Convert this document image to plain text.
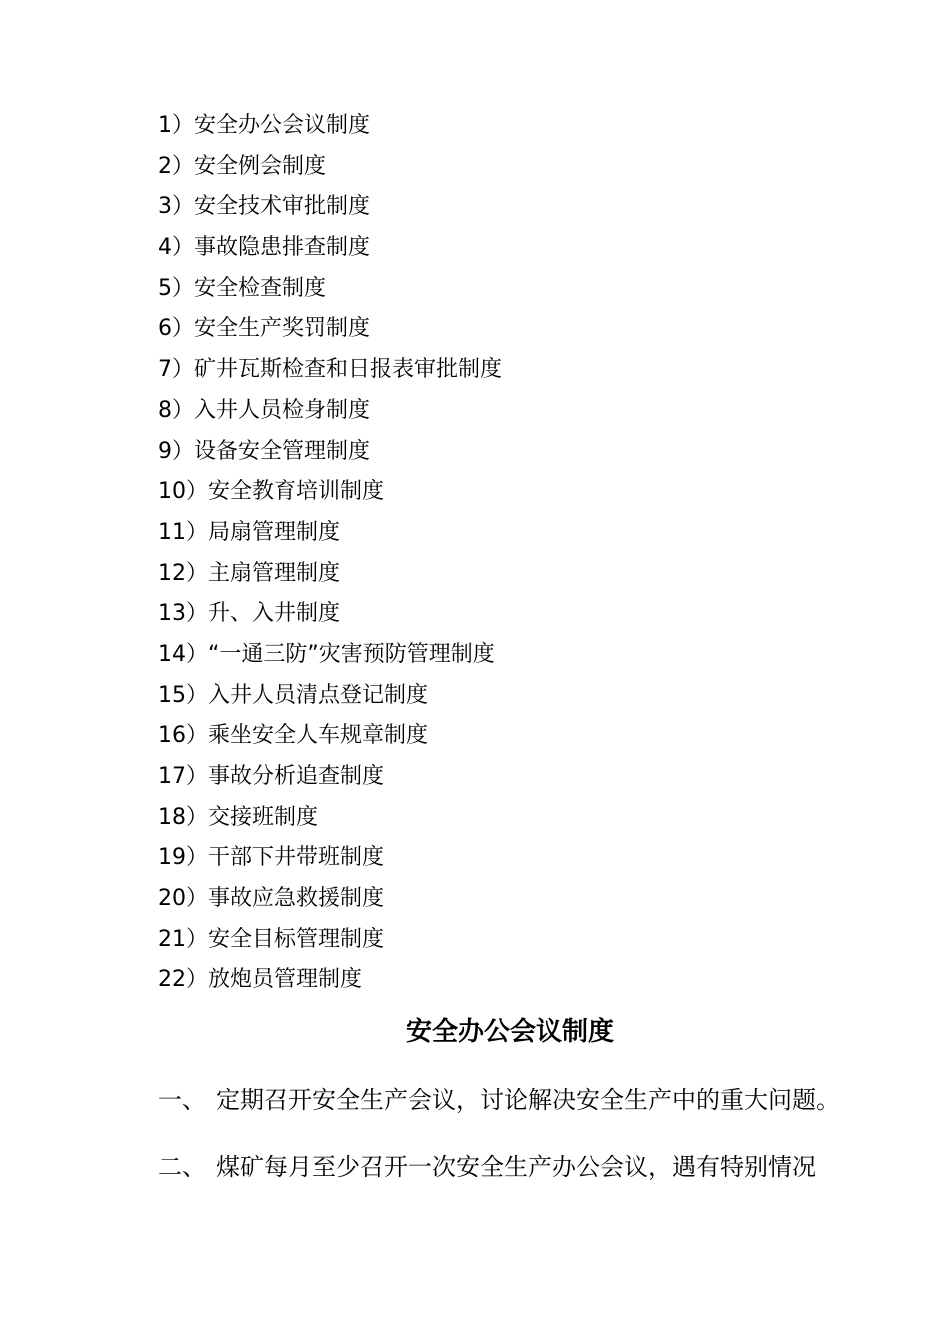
1）安全办公会议制度
2）安全例会制度
3）安全技术审批制度
4）事故隐患排查制度
5）安全检查制度
6）安全生产奖罚制度
7）矿井瓦斯检查和日报表审批制度
8）入井人员检身制度
9）设备安全管理制度
10）安全教育培训制度
11）局扇管理制度
12）主扇管理制度
13）升、入井制度
14）“一通三防”灾害预防管理制度
15）入井人员清点登记制度
16）乘坐安全人车规章制度
17）事故分析追查制度
18）交接班制度
19）干部下井带班制度
20）事故应急救援制度
21）安全目标管理制度
22）放炮员管理制度
安全办公会议制度
一、 定期召开安全生产会议，讨论解决安全生产中的重大问题。
二、 煤矿每月至少召开一次安全生产办公会议，遇有特别情况
